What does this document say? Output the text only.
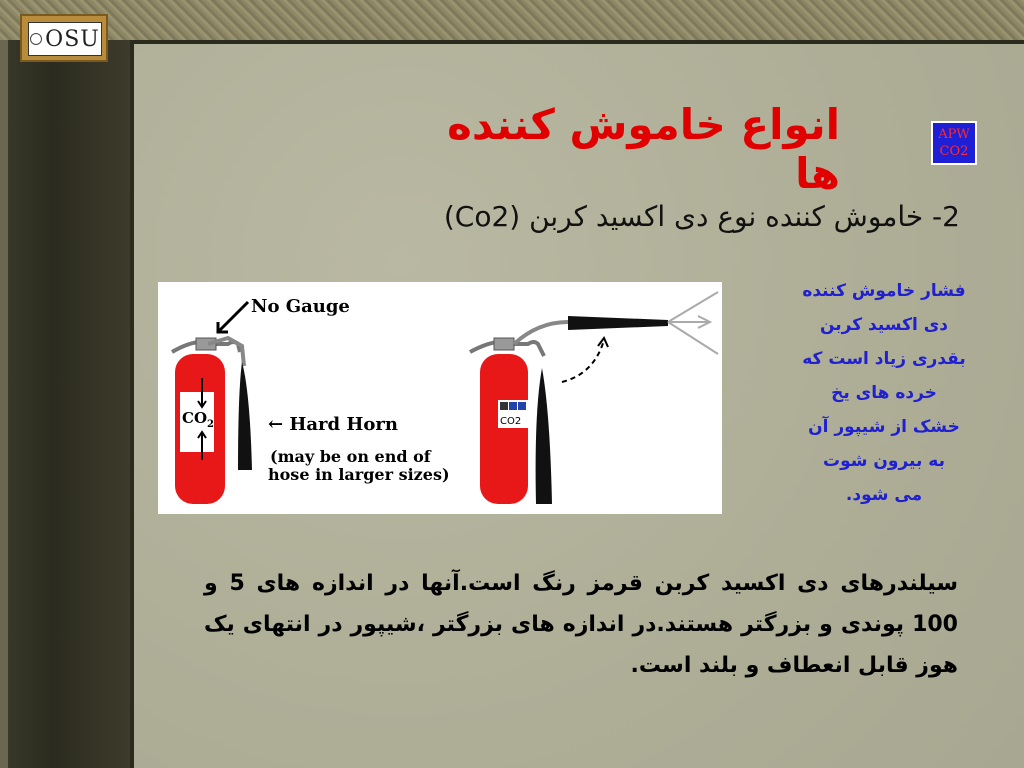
OSU
انواع خاموش کننده ها
APW
CO2
2- خاموش کننده نوع دی اکسید کربن (Co2)
فشار خاموش کننده
دی اکسید کربن
بقدری زیاد است که
خرده های یخ
خشک از شیپور آن
به بیرون شوت
می شود.
$CO_2$
No Gauge
← Hard Horn
(may be on end of
hose in larger sizes)
CO2
سیلندرهای دی اکسید کربن قرمز رنگ است.آنها در اندازه های 5 و 100 پوندی و بزرگتر هستند.در اندازه های بزرگتر ،شیپور در انتهای یک هوز قابل انعطاف و بلند است.
